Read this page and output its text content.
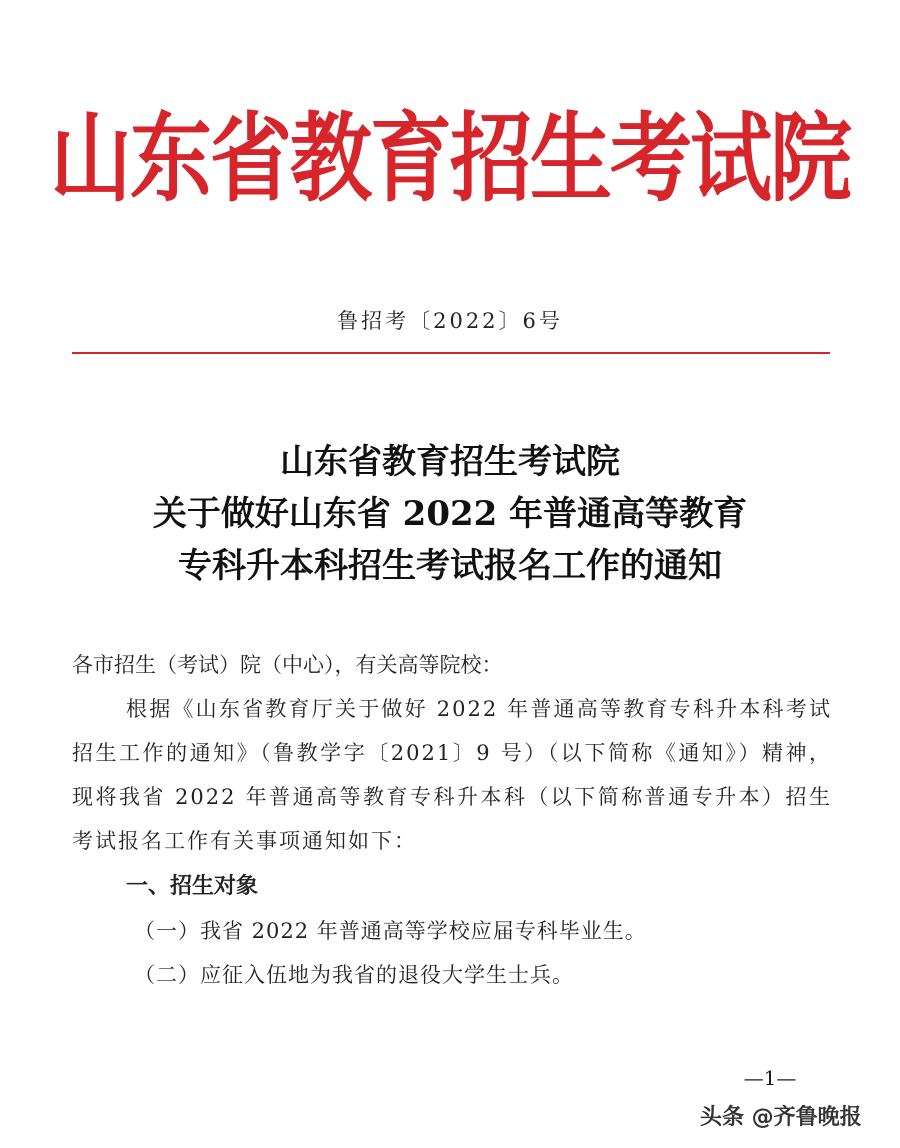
山东省教育招生考试院
鲁招考〔2022〕6号
山东省教育招生考试院
关于做好山东省 2022 年普通高等教育
专科升本科招生考试报名工作的通知
各市招生（考试）院（中心），有关高等院校：
根据《山东省教育厅关于做好 2022 年普通高等教育专科升本科考试招生工作的通知》（鲁教学字〔2021〕9 号）（以下简称《通知》）精神，现将我省 2022 年普通高等教育专科升本科（以下简称普通专升本）招生考试报名工作有关事项通知如下：
一、招生对象
（一）我省 2022 年普通高等学校应届专科毕业生。
（二）应征入伍地为我省的退役大学生士兵。
—1—
头条 @齐鲁晚报
